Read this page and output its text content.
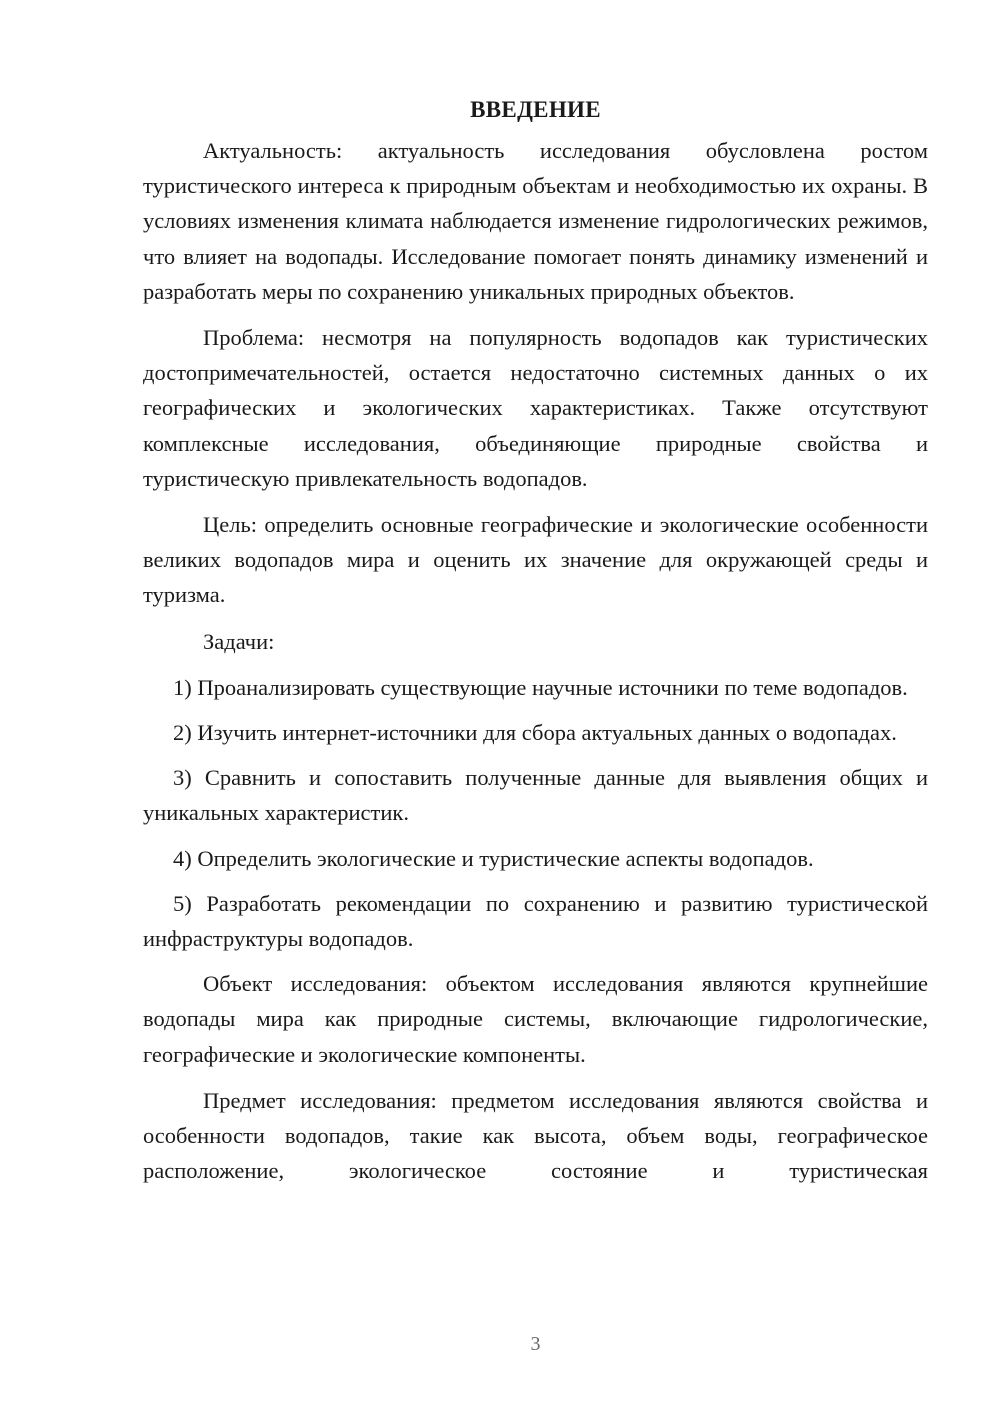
ВВЕДЕНИЕ

Актуальность: актуальность исследования обусловлена ростом туристического интереса к природным объектам и необходимостью их охраны. В условиях изменения климата наблюдается изменение гидрологических режимов, что влияет на водопады. Исследование помогает понять динамику изменений и разработать меры по сохранению уникальных природных объектов.

Проблема: несмотря на популярность водопадов как туристических достопримечательностей, остается недостаточно системных данных о их географических и экологических характеристиках. Также отсутствуют комплексные исследования, объединяющие природные свойства и туристическую привлекательность водопадов.

Цель: определить основные географические и экологические особенности великих водопадов мира и оценить их значение для окружающей среды и туризма.

Задачи:

1) Проанализировать существующие научные источники по теме водопадов.

2) Изучить интернет-источники для сбора актуальных данных о водопадах.

3) Сравнить и сопоставить полученные данные для выявления общих и уникальных характеристик.

4) Определить экологические и туристические аспекты водопадов.

5) Разработать рекомендации по сохранению и развитию туристической инфраструктуры водопадов.

Объект исследования: объектом исследования являются крупнейшие водопады мира как природные системы, включающие гидрологические, географические и экологические компоненты.

Предмет исследования: предметом исследования являются свойства и особенности водопадов, такие как высота, объем воды, географическое расположение, экологическое состояние и туристическая

3
